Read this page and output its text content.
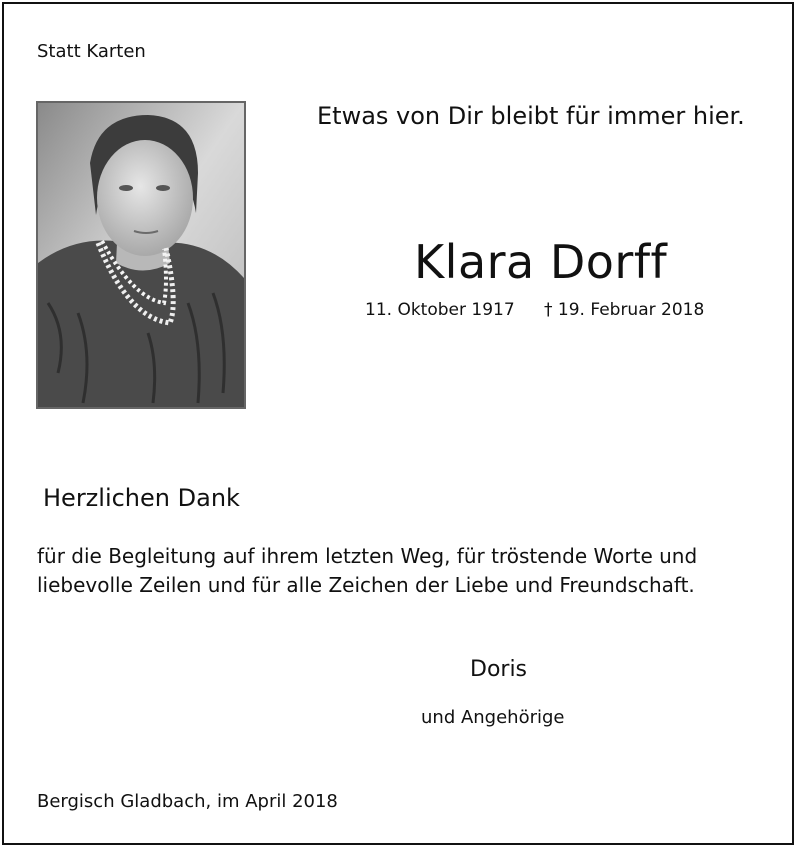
Statt Karten
Etwas von Dir bleibt für immer hier.
Klara Dorff
11. Oktober 1917 † 19. Februar 2018
Herzlichen Dank
für die Begleitung auf ihrem letzten Weg, für tröstende Worte und
liebevolle Zeilen und für alle Zeichen der Liebe und Freundschaft.
Doris
und Angehörige
Bergisch Gladbach, im April 2018
